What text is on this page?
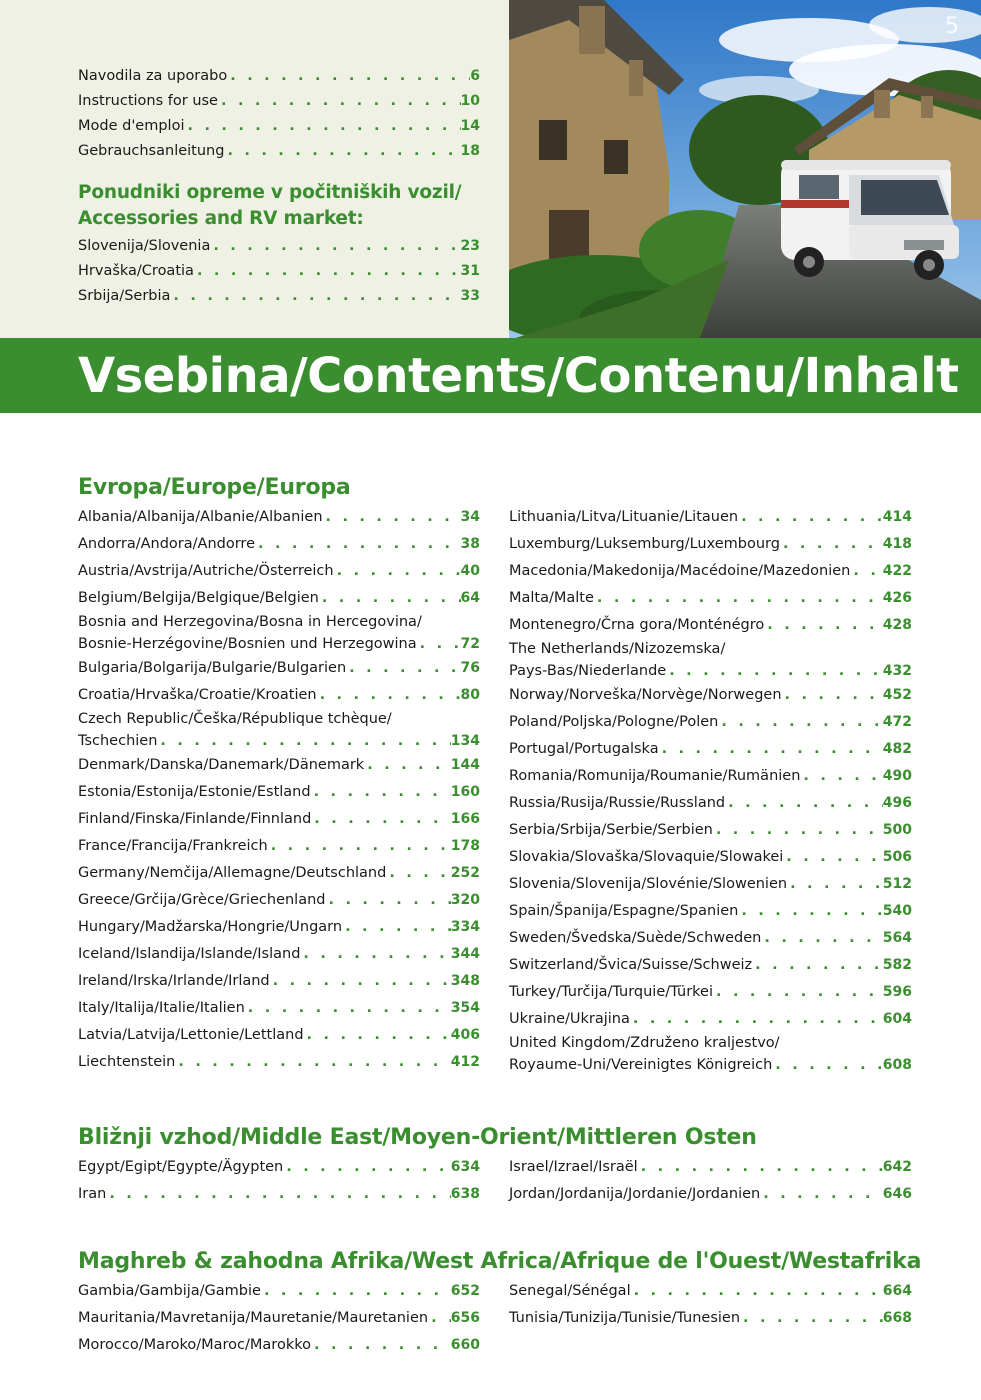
Navodila za uporabo . . .	6
Instructions for use . . .	10
Mode d'emploi . . .	14
Gebrauchsanleitung . . .	18
Ponudniki opreme v počitniških vozil/
Accessories and RV market:
Slovenija/Slovenia . . .	23
Hrvaška/Croatia . . .	31
Srbija/Serbia . . .	33
5
Vsebina/Contents/Contenu/Inhalt
Evropa/Europe/Europa
Albania/Albanija/Albanie/Albanien . . .	34
Andorra/Andora/Andorre . . .	38
Austria/Avstrija/Autriche/Österreich . . .	40
Belgium/Belgija/Belgique/Belgien . . .	64
Bosnia and Herzegovina/Bosna in Hercegovina/
Bosnie-Herzégovine/Bosnien und Herzegowina . . .	72
Bulgaria/Bolgarija/Bulgarie/Bulgarien . . .	76
Croatia/Hrvaška/Croatie/Kroatien . . .	80
Czech Republic/Češka/République tchèque/
Tschechien . . .	134
Denmark/Danska/Danemark/Dänemark . . .	144
Estonia/Estonija/Estonie/Estland . . .	160
Finland/Finska/Finlande/Finnland . . .	166
France/Francija/Frankreich . . .	178
Germany/Nemčija/Allemagne/Deutschland . . .	252
Greece/Grčija/Grèce/Griechenland . . .	320
Hungary/Madžarska/Hongrie/Ungarn . . .	334
Iceland/Islandija/Islande/Island . . .	344
Ireland/Irska/Irlande/Irland . . .	348
Italy/Italija/Italie/Italien . . .	354
Latvia/Latvija/Lettonie/Lettland . . .	406
Liechtenstein . . .	412
Lithuania/Litva/Lituanie/Litauen . . .	414
Luxemburg/Luksemburg/Luxembourg . . .	418
Macedonia/Makedonija/Macédoine/Mazedonien . . . 422
Malta/Malte . . .	426
Montenegro/Črna gora/Monténégro . . .	428
The Netherlands/Nizozemska/
Pays-Bas/Niederlande . . .	432
Norway/Norveška/Norvège/Norwegen . . .	452
Poland/Poljska/Pologne/Polen . . .	472
Portugal/Portugalska . . .	482
Romania/Romunija/Roumanie/Rumänien . . .	490
Russia/Rusija/Russie/Russland . . .	496
Serbia/Srbija/Serbie/Serbien . . .	500
Slovakia/Slovaška/Slovaquie/Slowakei . . .	506
Slovenia/Slovenija/Slovénie/Slowenien . . .	512
Spain/Španija/Espagne/Spanien . . .	540
Sweden/Švedska/Suède/Schweden . . .	564
Switzerland/Švica/Suisse/Schweiz . . .	582
Turkey/Turčija/Turquie/Türkei . . .	596
Ukraine/Ukrajina . . .	604
United Kingdom/Združeno kraljestvo/
Royaume-Uni/Vereinigtes Königreich . . .	608
Bližnji vzhod/Middle East/Moyen-Orient/Mittleren Osten
Egypt/Egipt/Egypte/Ägypten . . .	634
Iran . . .	638
Israel/Izrael/Israël . . .	642
Jordan/Jordanija/Jordanie/Jordanien . . .	646
Maghreb & zahodna Afrika/West Africa/Afrique de l'Ouest/Westafrika
Gambia/Gambija/Gambie . . .	652
Mauritania/Mavretanija/Mauretanie/Mauretanien . . . 656
Morocco/Maroko/Maroc/Marokko . . .	660
Senegal/Sénégal . . .	664
Tunisia/Tunizija/Tunisie/Tunesien . . .	668
